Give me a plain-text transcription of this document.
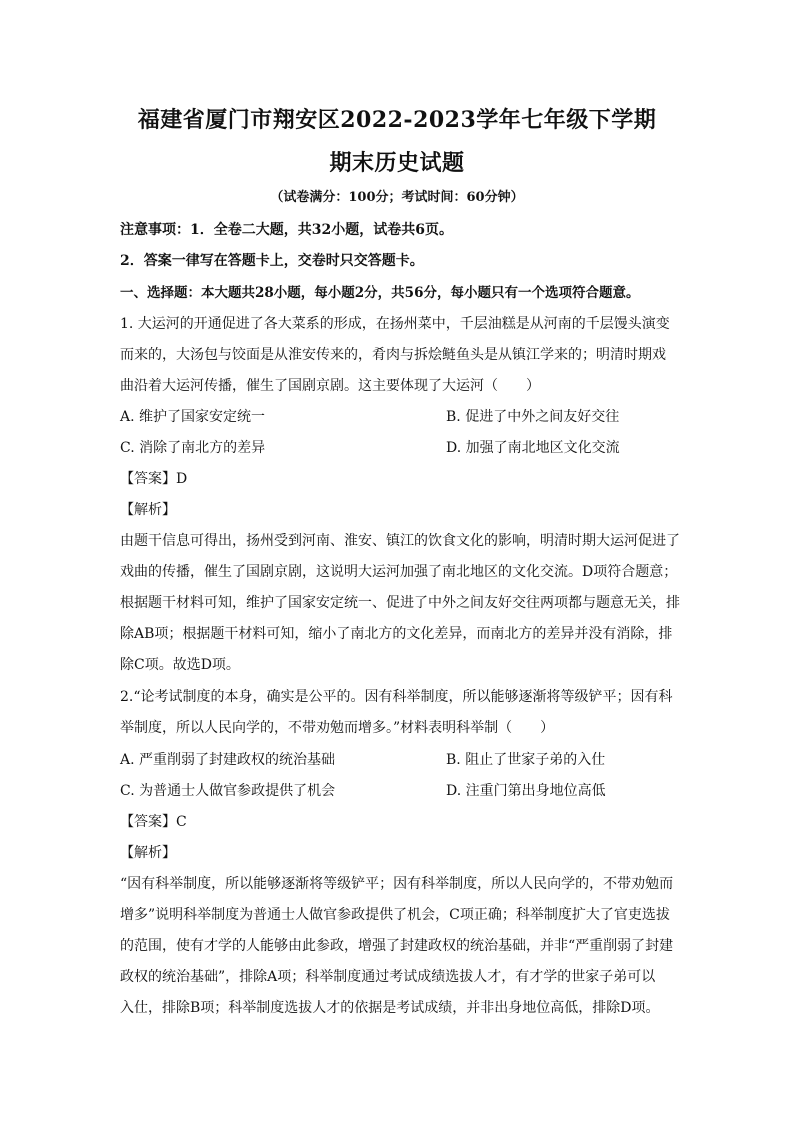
福建省厦门市翔安区2022-2023学年七年级下学期
期末历史试题
（试卷满分：100分；考试时间：60分钟）
注意事项：1．全卷二大题，共32小题，试卷共6页。
2．答案一律写在答题卡上，交卷时只交答题卡。
一、选择题：本大题共28小题，每小题2分，共56分，每小题只有一个选项符合题意。
1. 大运河的开通促进了各大菜系的形成，在扬州菜中，千层油糕是从河南的千层馒头演变
而来的，大汤包与饺面是从淮安传来的，肴肉与拆烩鲢鱼头是从镇江学来的；明清时期戏
曲沿着大运河传播，催生了国剧京剧。这主要体现了大运河（　　）
A. 维护了国家安定统一	B. 促进了中外之间友好交往
C. 消除了南北方的差异	D. 加强了南北地区文化交流
【答案】D
【解析】
由题干信息可得出，扬州受到河南、淮安、镇江的饮食文化的影响，明清时期大运河促进了
戏曲的传播，催生了国剧京剧，这说明大运河加强了南北地区的文化交流。D项符合题意；
根据题干材料可知，维护了国家安定统一、促进了中外之间友好交往两项都与题意无关，排
除AB项；根据题干材料可知，缩小了南北方的文化差异，而南北方的差异并没有消除，排
除C项。故选D项。
2.“论考试制度的本身，确实是公平的。因有科举制度，所以能够逐渐将等级铲平；因有科
举制度，所以人民向学的，不带劝勉而增多。”材料表明科举制（　　）
A. 严重削弱了封建政权的统治基础	B. 阻止了世家子弟的入仕
C. 为普通士人做官参政提供了机会	D. 注重门第出身地位高低
【答案】C
【解析】
“因有科举制度，所以能够逐渐将等级铲平；因有科举制度，所以人民向学的，不带劝勉而
增多”说明科举制度为普通士人做官参政提供了机会，C项正确；科举制度扩大了官吏选拔
的范围，使有才学的人能够由此参政，增强了封建政权的统治基础，并非“严重削弱了封建
政权的统治基础”，排除A项；科举制度通过考试成绩选拔人才，有才学的世家子弟可以
入仕，排除B项；科举制度选拔人才的依据是考试成绩，并非出身地位高低，排除D项。
